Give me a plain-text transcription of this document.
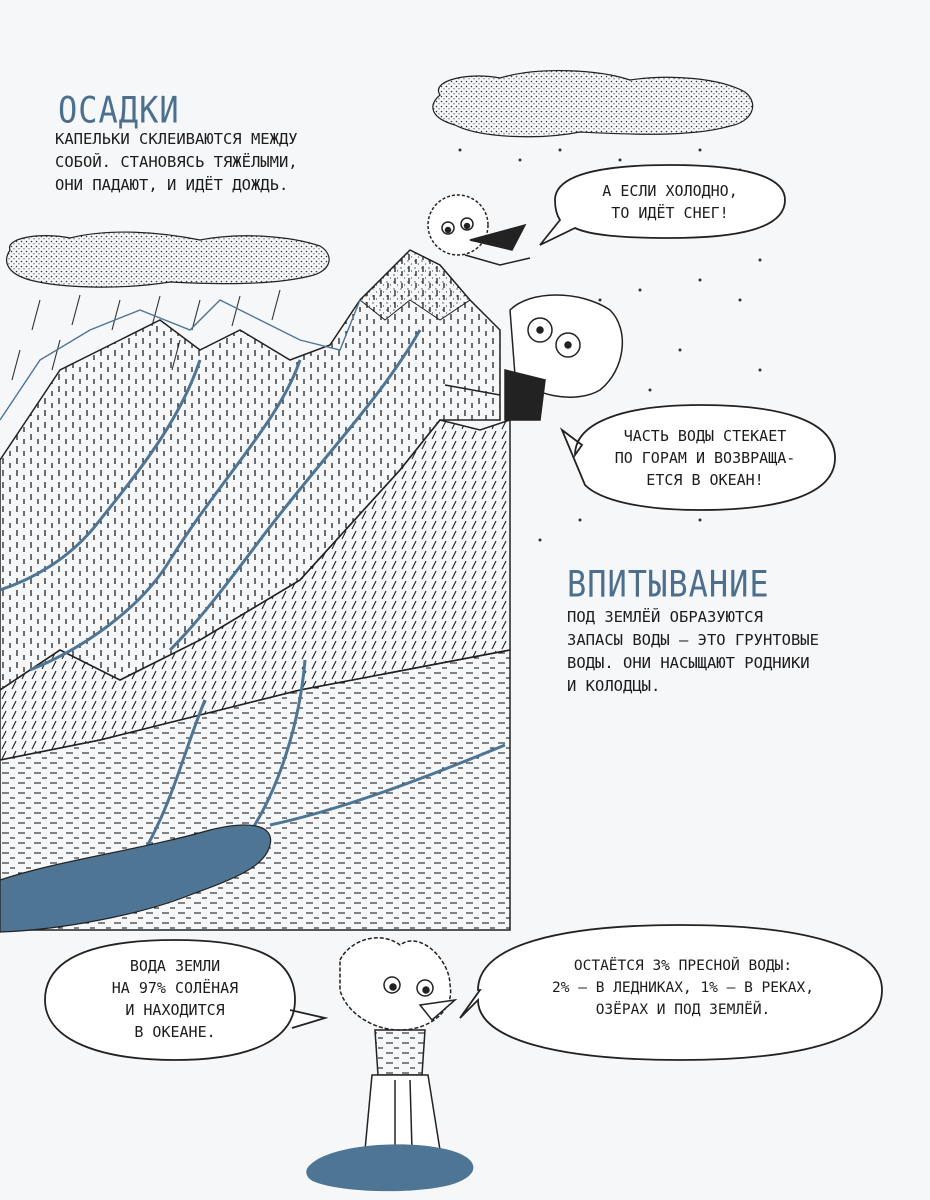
ОСАДКИ

КАПЕЛЬКИ СКЛЕИВАЮТСЯ МЕЖДУ
СОБОЙ. СТАНОВЯСЬ ТЯЖЁЛЫМИ,
ОНИ ПАДАЮТ, И ИДЁТ ДОЖДЬ.	А ЕСЛИ ХОЛОДНО,
ТО ИДЁТ СНЕГ!

ЧАСТЬ ВОДЫ СТЕКАЕТ
ПО ГОРАМ И ВОЗВРАЩА-
ЕТСЯ В ОКЕАН!

ВПИТЫВАНИЕ

ПОД ЗЕМЛЁЙ ОБРАЗУЮТСЯ
ЗАПАСЫ ВОДЫ — ЭТО ГРУНТОВЫЕ
ВОДЫ. ОНИ НАСЫЩАЮТ РОДНИКИ
И КОЛОДЦЫ.

ВОДА ЗЕМЛИ
НА 97% СОЛЁНАЯ
И НАХОДИТСЯ
В ОКЕАНЕ.

ОСТАЁТСЯ 3% ПРЕСНОЙ ВОДЫ:
2% — В ЛЕДНИКАХ, 1% — В РЕКАХ,
ОЗЁРАХ И ПОД ЗЕМЛЁЙ.
